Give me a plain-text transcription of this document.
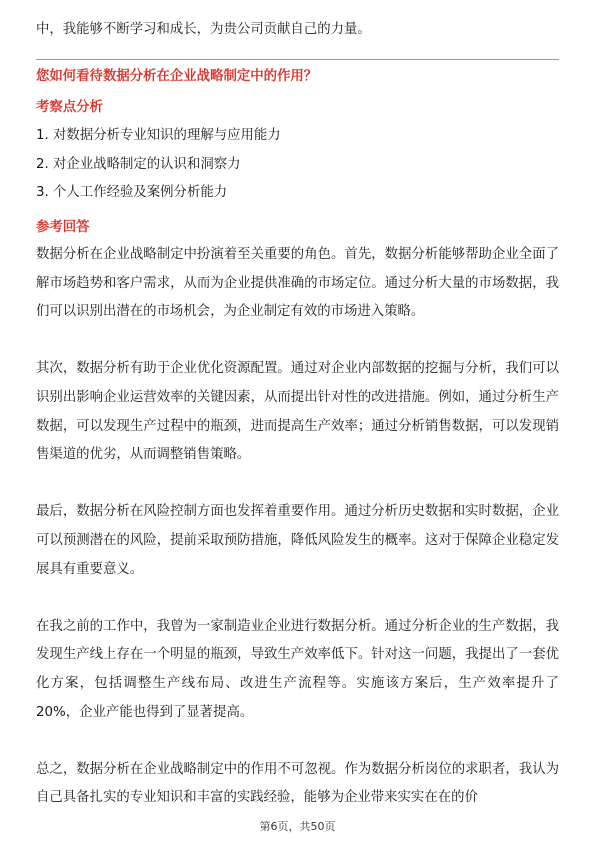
中，我能够不断学习和成长，为贵公司贡献自己的力量。

您如何看待数据分析在企业战略制定中的作用？
考察点分析
1. 对数据分析专业知识的理解与应用能力
2. 对企业战略制定的认识和洞察力
3. 个人工作经验及案例分析能力
参考回答

数据分析在企业战略制定中扮演着至关重要的角色。首先，数据分析能够帮助企业全面了解市场趋势和客户需求，从而为企业提供准确的市场定位。通过分析大量的市场数据，我们可以识别出潜在的市场机会，为企业制定有效的市场进入策略。

其次，数据分析有助于企业优化资源配置。通过对企业内部数据的挖掘与分析，我们可以识别出影响企业运营效率的关键因素，从而提出针对性的改进措施。例如，通过分析生产数据，可以发现生产过程中的瓶颈，进而提高生产效率；通过分析销售数据，可以发现销售渠道的优劣，从而调整销售策略。

最后，数据分析在风险控制方面也发挥着重要作用。通过分析历史数据和实时数据，企业可以预测潜在的风险，提前采取预防措施，降低风险发生的概率。这对于保障企业稳定发展具有重要意义。

在我之前的工作中，我曾为一家制造业企业进行数据分析。通过分析企业的生产数据，我发现生产线上存在一个明显的瓶颈，导致生产效率低下。针对这一问题，我提出了一套优化方案，包括调整生产线布局、改进生产流程等。实施该方案后，生产效率提升了20%，企业产能也得到了显著提高。

总之，数据分析在企业战略制定中的作用不可忽视。作为数据分析岗位的求职者，我认为自己具备扎实的专业知识和丰富的实践经验，能够为企业带来实实在在的价

第6页，共50页
